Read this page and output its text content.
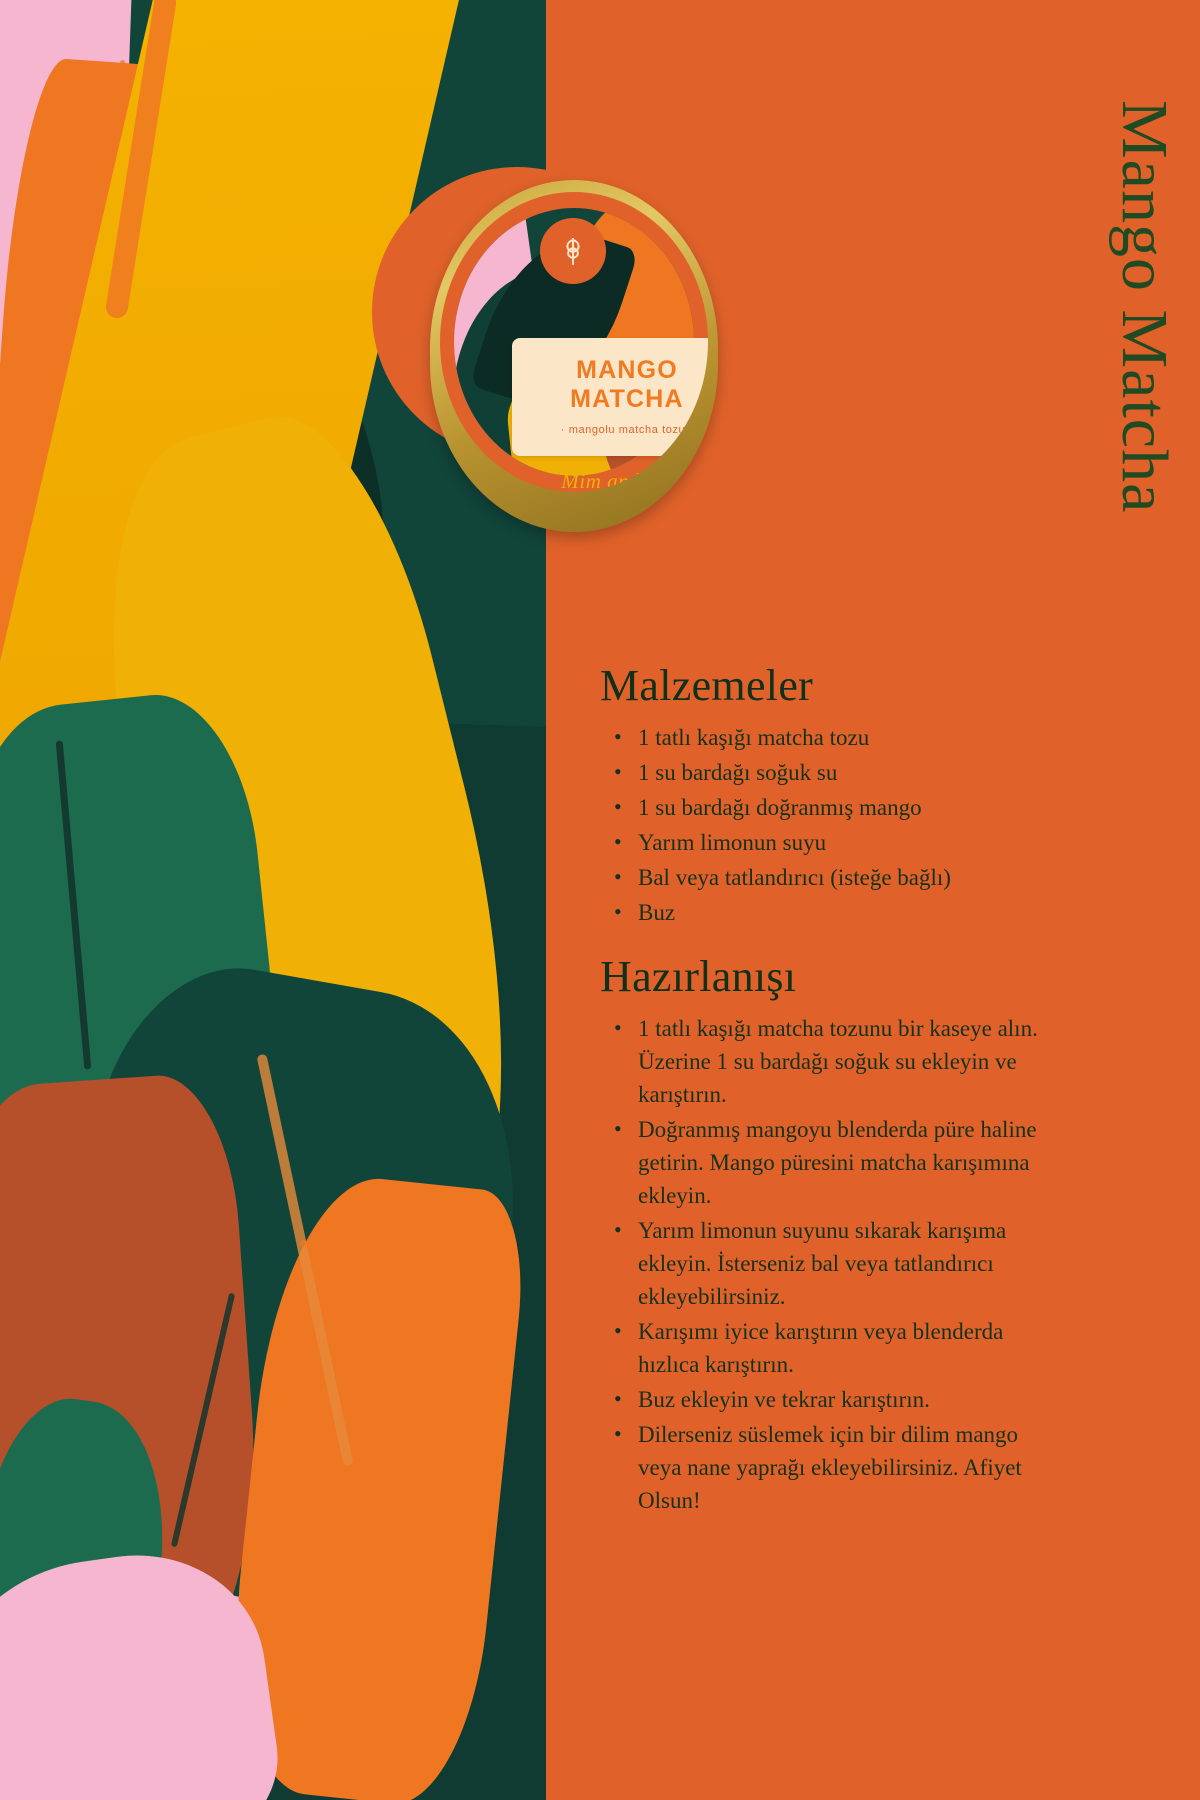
MANGO
MATCHA
· mangolu matcha tozu ·
Mim and More	Mango Matcha
Malzemeler
• 1 tatlı kaşığı matcha tozu
• 1 su bardağı soğuk su
• 1 su bardağı doğranmış mango
• Yarım limonun suyu
• Bal veya tatlandırıcı (isteğe bağlı)
• Buz
Hazırlanışı
• 1 tatlı kaşığı matcha tozunu bir kaseye alın. Üzerine 1 su bardağı soğuk su ekleyin ve karıştırın.
• Doğranmış mangoyu blenderda püre haline getirin. Mango püresini matcha karışımına ekleyin.
• Yarım limonun suyunu sıkarak karışıma ekleyin. İsterseniz bal veya tatlandırıcı ekleyebilirsiniz.
• Karışımı iyice karıştırın veya blenderda hızlıca karıştırın.
• Buz ekleyin ve tekrar karıştırın.
• Dilerseniz süslemek için bir dilim mango veya nane yaprağı ekleyebilirsiniz. Afiyet Olsun!
